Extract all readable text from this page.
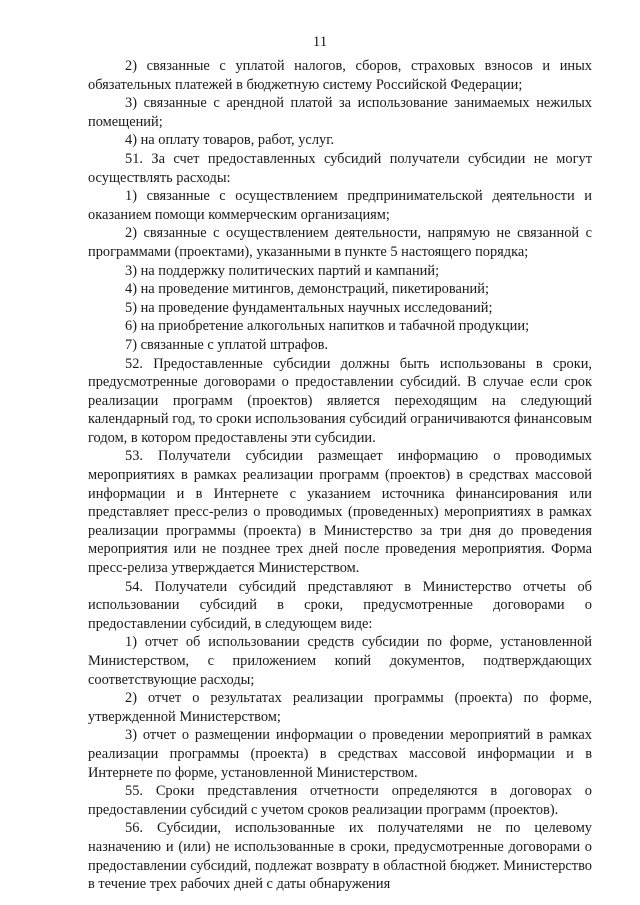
11

2) связанные с уплатой налогов, сборов, страховых взносов и иных обязательных платежей в бюджетную систему Российской Федерации;

3) связанные с арендной платой за использование занимаемых нежилых помещений;

4) на оплату товаров, работ, услуг.

51. За счет предоставленных субсидий получатели субсидии не могут осуществлять расходы:

1) связанные с осуществлением предпринимательской деятельности и оказанием помощи коммерческим организациям;

2) связанные с осуществлением деятельности, напрямую не связанной с программами (проектами), указанными в пункте 5 настоящего порядка;

3) на поддержку политических партий и кампаний;

4) на проведение митингов, демонстраций, пикетирований;

5) на проведение фундаментальных научных исследований;

6) на приобретение алкогольных напитков и табачной продукции;

7) связанные с уплатой штрафов.

52. Предоставленные субсидии должны быть использованы в сроки, предусмотренные договорами о предоставлении субсидий. В случае если срок реализации программ (проектов) является переходящим на следующий календарный год, то сроки использования субсидий ограничиваются финансовым годом, в котором предоставлены эти субсидии.

53. Получатели субсидии размещает информацию о проводимых мероприятиях в рамках реализации программ (проектов) в средствах массовой информации и в Интернете с указанием источника финансирования или представляет пресс-релиз о проводимых (проведенных) мероприятиях в рамках реализации программы (проекта) в Министерство за три дня до проведения мероприятия или не позднее трех дней после проведения мероприятия. Форма пресс-релиза утверждается Министерством.

54. Получатели субсидий представляют в Министерство отчеты об использовании субсидий в сроки, предусмотренные договорами о предоставлении субсидий, в следующем виде:

1) отчет об использовании средств субсидии по форме, установленной Министерством, с приложением копий документов, подтверждающих соответствующие расходы;

2) отчет о результатах реализации программы (проекта) по форме, утвержденной Министерством;

3) отчет о размещении информации о проведении мероприятий в рамках реализации программы (проекта) в средствах массовой информации и в Интернете по форме, установленной Министерством.

55. Сроки представления отчетности определяются в договорах о предоставлении субсидий с учетом сроков реализации программ (проектов).

56. Субсидии, использованные их получателями не по целевому назначению и (или) не использованные в сроки, предусмотренные договорами о предоставлении субсидий, подлежат возврату в областной бюджет. Министерство в течение трех рабочих дней с даты обнаружения
